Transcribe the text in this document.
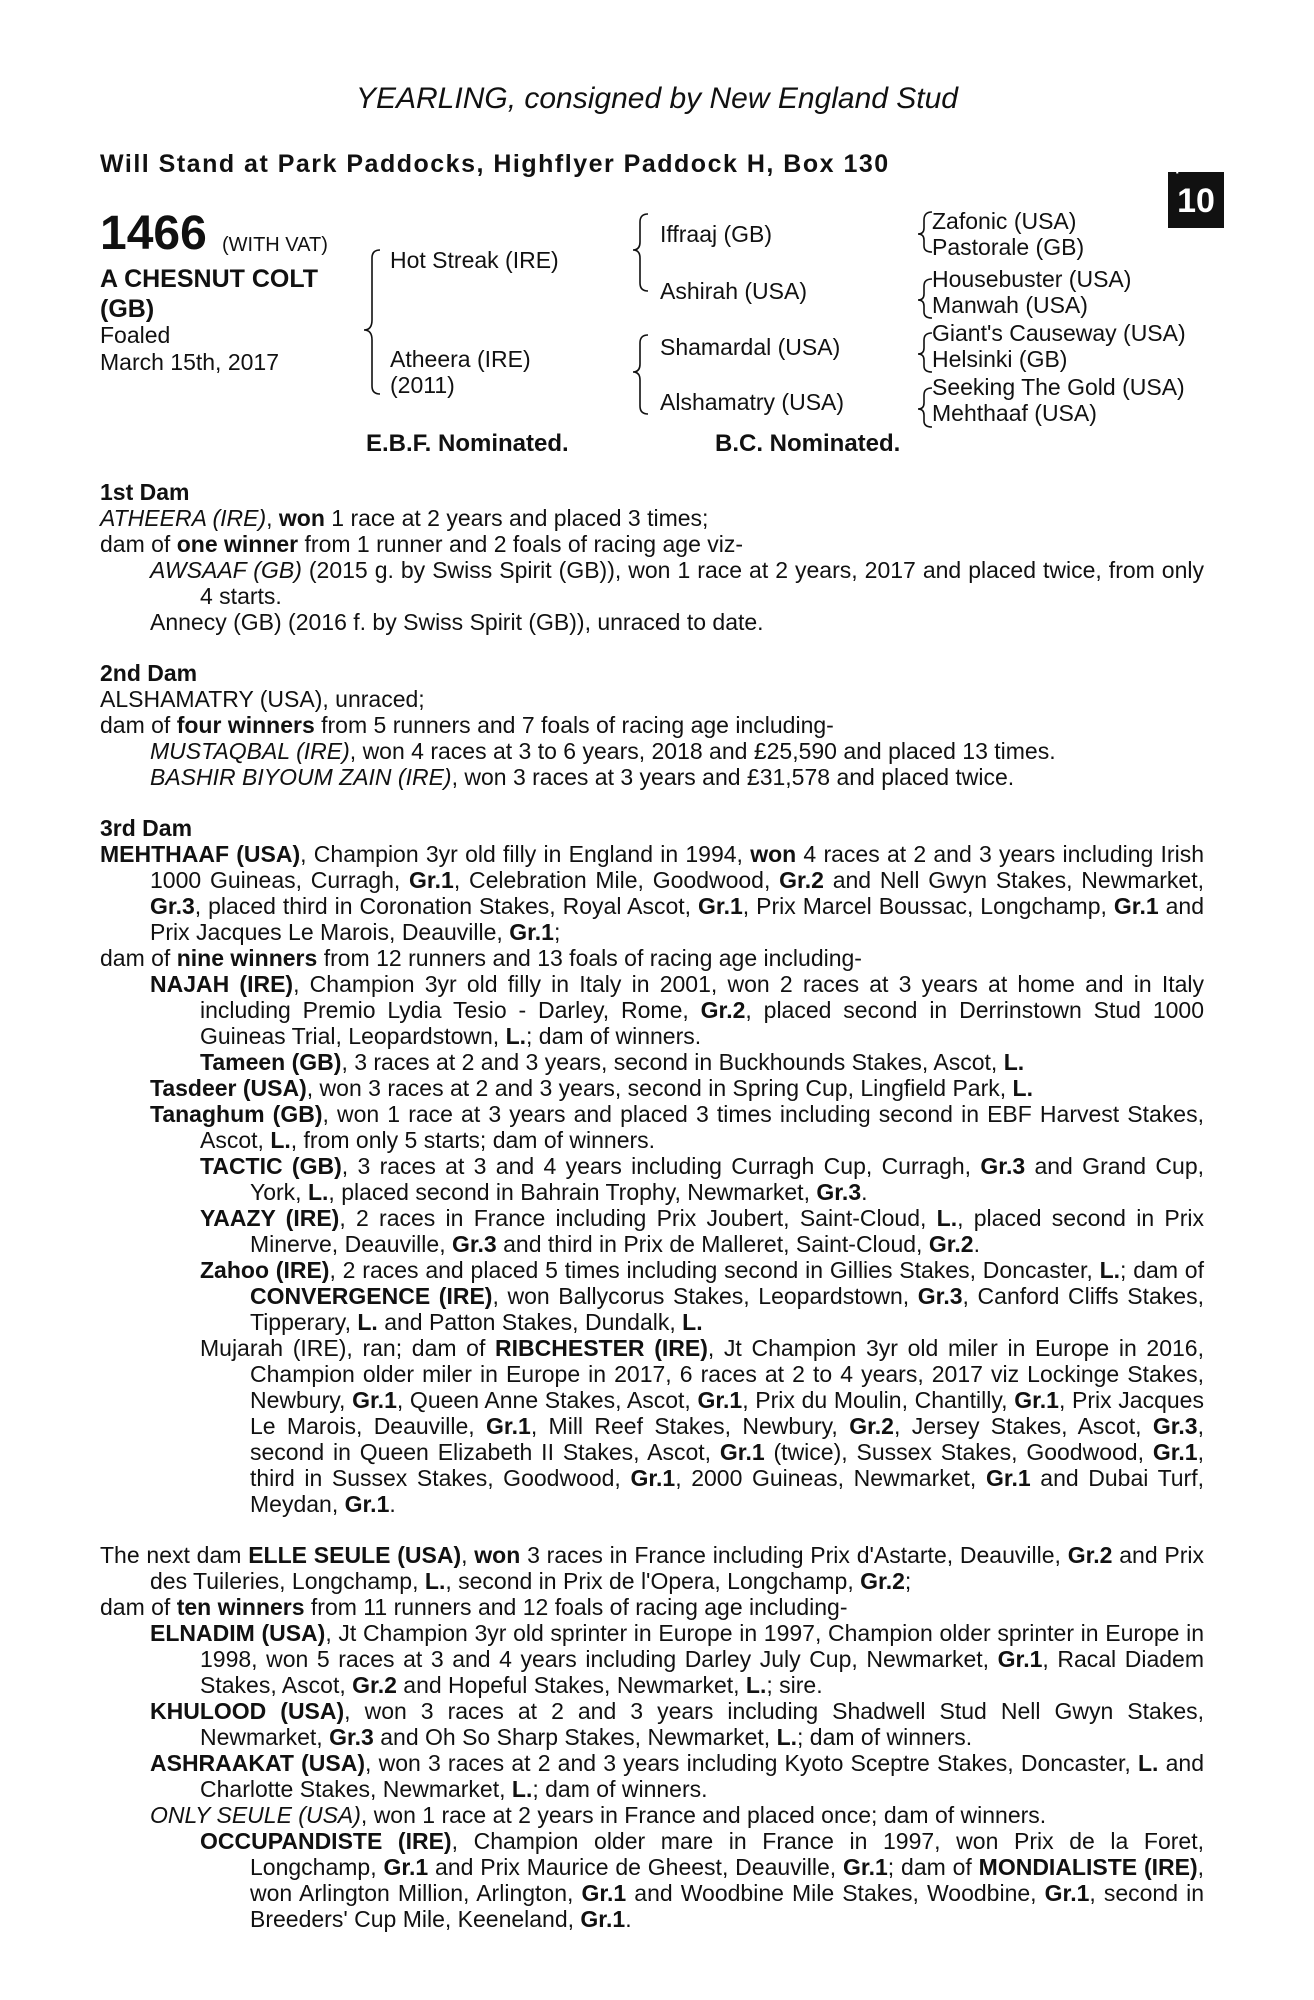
YEARLING, consigned by New England Stud
Will Stand at Park Paddocks, Highflyer Paddock H, Box 130	+
10
1466 (WITH VAT)
A CHESNUT COLT (GB)
Foaled
March 15th, 2017
Hot Streak (IRE)
Atheera (IRE)
(2011)
Iffraaj (GB)
Ashirah (USA)
Shamardal (USA)
Alshamatry (USA)
Zafonic (USA)
Pastorale (GB)
Housebuster (USA)
Manwah (USA)
Giant's Causeway (USA)
Helsinki (GB)
Seeking The Gold (USA)
Mehthaaf (USA)
E.B.F. Nominated.	B.C. Nominated.
1st Dam
ATHEERA (IRE), won 1 race at 2 years and placed 3 times;
dam of one winner from 1 runner and 2 foals of racing age viz-
AWSAAF (GB) (2015 g. by Swiss Spirit (GB)), won 1 race at 2 years, 2017 and placed twice, from only 4 starts.
Annecy (GB) (2016 f. by Swiss Spirit (GB)), unraced to date.
2nd Dam
ALSHAMATRY (USA), unraced;
dam of four winners from 5 runners and 7 foals of racing age including-
MUSTAQBAL (IRE), won 4 races at 3 to 6 years, 2018 and £25,590 and placed 13 times.
BASHIR BIYOUM ZAIN (IRE), won 3 races at 3 years and £31,578 and placed twice.
3rd Dam
MEHTHAAF (USA), Champion 3yr old filly in England in 1994, won 4 races at 2 and 3 years including Irish 1000 Guineas, Curragh, Gr.1, Celebration Mile, Goodwood, Gr.2 and Nell Gwyn Stakes, Newmarket, Gr.3, placed third in Coronation Stakes, Royal Ascot, Gr.1, Prix Marcel Boussac, Longchamp, Gr.1 and Prix Jacques Le Marois, Deauville, Gr.1;
dam of nine winners from 12 runners and 13 foals of racing age including-
NAJAH (IRE), Champion 3yr old filly in Italy in 2001, won 2 races at 3 years at home and in Italy including Premio Lydia Tesio - Darley, Rome, Gr.2, placed second in Derrinstown Stud 1000 Guineas Trial, Leopardstown, L.; dam of winners.
Tameen (GB), 3 races at 2 and 3 years, second in Buckhounds Stakes, Ascot, L.
Tasdeer (USA), won 3 races at 2 and 3 years, second in Spring Cup, Lingfield Park, L.
Tanaghum (GB), won 1 race at 3 years and placed 3 times including second in EBF Harvest Stakes, Ascot, L., from only 5 starts; dam of winners.
TACTIC (GB), 3 races at 3 and 4 years including Curragh Cup, Curragh, Gr.3 and Grand Cup, York, L., placed second in Bahrain Trophy, Newmarket, Gr.3.
YAAZY (IRE), 2 races in France including Prix Joubert, Saint-Cloud, L., placed second in Prix Minerve, Deauville, Gr.3 and third in Prix de Malleret, Saint-Cloud, Gr.2.
Zahoo (IRE), 2 races and placed 5 times including second in Gillies Stakes, Doncaster, L.; dam of CONVERGENCE (IRE), won Ballycorus Stakes, Leopardstown, Gr.3, Canford Cliffs Stakes, Tipperary, L. and Patton Stakes, Dundalk, L.
Mujarah (IRE), ran; dam of RIBCHESTER (IRE), Jt Champion 3yr old miler in Europe in 2016, Champion older miler in Europe in 2017, 6 races at 2 to 4 years, 2017 viz Lockinge Stakes, Newbury, Gr.1, Queen Anne Stakes, Ascot, Gr.1, Prix du Moulin, Chantilly, Gr.1, Prix Jacques Le Marois, Deauville, Gr.1, Mill Reef Stakes, Newbury, Gr.2, Jersey Stakes, Ascot, Gr.3, second in Queen Elizabeth II Stakes, Ascot, Gr.1 (twice), Sussex Stakes, Goodwood, Gr.1, third in Sussex Stakes, Goodwood, Gr.1, 2000 Guineas, Newmarket, Gr.1 and Dubai Turf, Meydan, Gr.1.
The next dam ELLE SEULE (USA), won 3 races in France including Prix d'Astarte, Deauville, Gr.2 and Prix des Tuileries, Longchamp, L., second in Prix de l'Opera, Longchamp, Gr.2;
dam of ten winners from 11 runners and 12 foals of racing age including-
ELNADIM (USA), Jt Champion 3yr old sprinter in Europe in 1997, Champion older sprinter in Europe in 1998, won 5 races at 3 and 4 years including Darley July Cup, Newmarket, Gr.1, Racal Diadem Stakes, Ascot, Gr.2 and Hopeful Stakes, Newmarket, L.; sire.
KHULOOD (USA), won 3 races at 2 and 3 years including Shadwell Stud Nell Gwyn Stakes, Newmarket, Gr.3 and Oh So Sharp Stakes, Newmarket, L.; dam of winners.
ASHRAAKAT (USA), won 3 races at 2 and 3 years including Kyoto Sceptre Stakes, Doncaster, L. and Charlotte Stakes, Newmarket, L.; dam of winners.
ONLY SEULE (USA), won 1 race at 2 years in France and placed once; dam of winners.
OCCUPANDISTE (IRE), Champion older mare in France in 1997, won Prix de la Foret, Longchamp, Gr.1 and Prix Maurice de Gheest, Deauville, Gr.1; dam of MONDIALISTE (IRE), won Arlington Million, Arlington, Gr.1 and Woodbine Mile Stakes, Woodbine, Gr.1, second in Breeders' Cup Mile, Keeneland, Gr.1.
